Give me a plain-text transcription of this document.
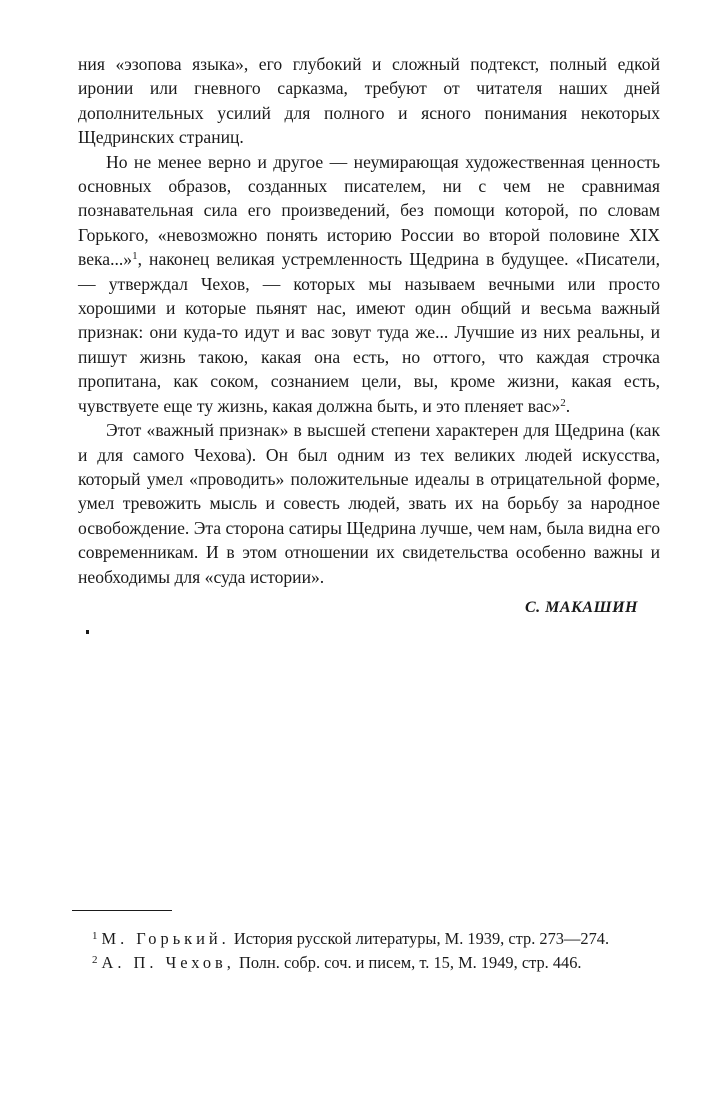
ния «эзопова языка», его глубокий и сложный подтекст, полный едкой иронии или гневного сарказма, требуют от читателя наших дней дополнительных усилий для полного и ясного понимания некоторых Щедринских страниц.

Но не менее верно и другое — неумирающая художественная ценность основных образов, созданных писателем, ни с чем не сравнимая познавательная сила его произведений, без помощи которой, по словам Горького, «невозможно понять историю России во второй половине XIX века...»$^1$, наконец великая устремленность Щедрина в будущее. «Писатели, — утверждал Чехов, — которых мы называем вечными или просто хорошими и которые пьянят нас, имеют один общий и весьма важный признак: они куда-то идут и вас зовут туда же... Лучшие из них реальны, и пишут жизнь такою, какая она есть, но оттого, что каждая строчка пропитана, как соком, сознанием цели, вы, кроме жизни, какая есть, чувствуете еще ту жизнь, какая должна быть, и это пленяет вас»$^2$.

Этот «важный признак» в высшей степени характерен для Щедрина (как и для самого Чехова). Он был одним из тех великих людей искусства, который умел «проводить» положительные идеалы в отрицательной форме, умел тревожить мысль и совесть людей, звать их на борьбу за народное освобождение. Эта сторона сатиры Щедрина лучше, чем нам, была видна его современникам. И в этом отношении их свидетельства особенно важны и необходимы для «суда истории».

С. МАКАШИН

$^1$ М. Горький. История русской литературы, М. 1939, стр. 273—274.

$^2$ А. П. Чехов, Полн. собр. соч. и писем, т. 15, М. 1949, стр. 446.
